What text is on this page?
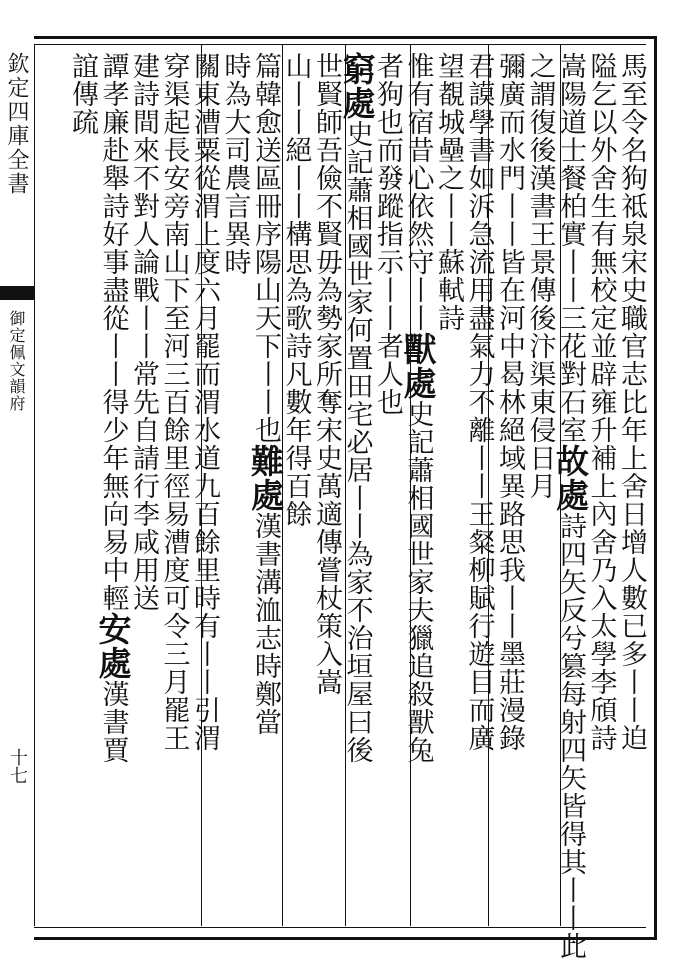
欽定四庫全書
御定佩文韻府
十七
馬至令名狗祗泉宋史職官志比年上舍日增人數已多丨丨迫
隘乞以外舍生有無校定並辟雍升補上內舍乃入太學李頎詩
嵩陽道士餐柏實丨丨三花對石室故處詩四矢反兮篡每射四矢皆得其丨丨此
之謂復後漢書王景傳後汴渠東侵日月
彌廣而水門丨丨皆在河中曷林絕域異路思我丨丨墨莊漫錄
君謨學書如泝急流用盡氣力不離丨丨王粲柳賦行遊目而廣
望覩城壘之丨丨蘇軾詩
惟有宿昔心依然守丨丨獸處史記蕭相國世家夫獵追殺獸兔
者狗也而發蹤指示丨丨者人也
窮處史記蕭相國世家何置田宅必居丨丨為家不治垣屋曰後
世賢師吾儉不賢毋為勢家所奪宋史萬適傳嘗杖策入嵩
山丨丨絕丨丨構思為歌詩凡數年得百餘
篇韓愈送區冊序陽山天下丨丨也難處漢書溝洫志時鄭當
時為大司農言異時
關東漕粟從渭上度六月罷而渭水道九百餘里時有丨丨引渭
穿渠起長安旁南山下至河三百餘里徑易漕度可令三月罷王
建詩間來不對人論戰丨丨常先自請行李咸用送
譚孝廉赴舉詩好事盡從丨丨得少年無向易中輕安處漢書賈
誼傳疏
